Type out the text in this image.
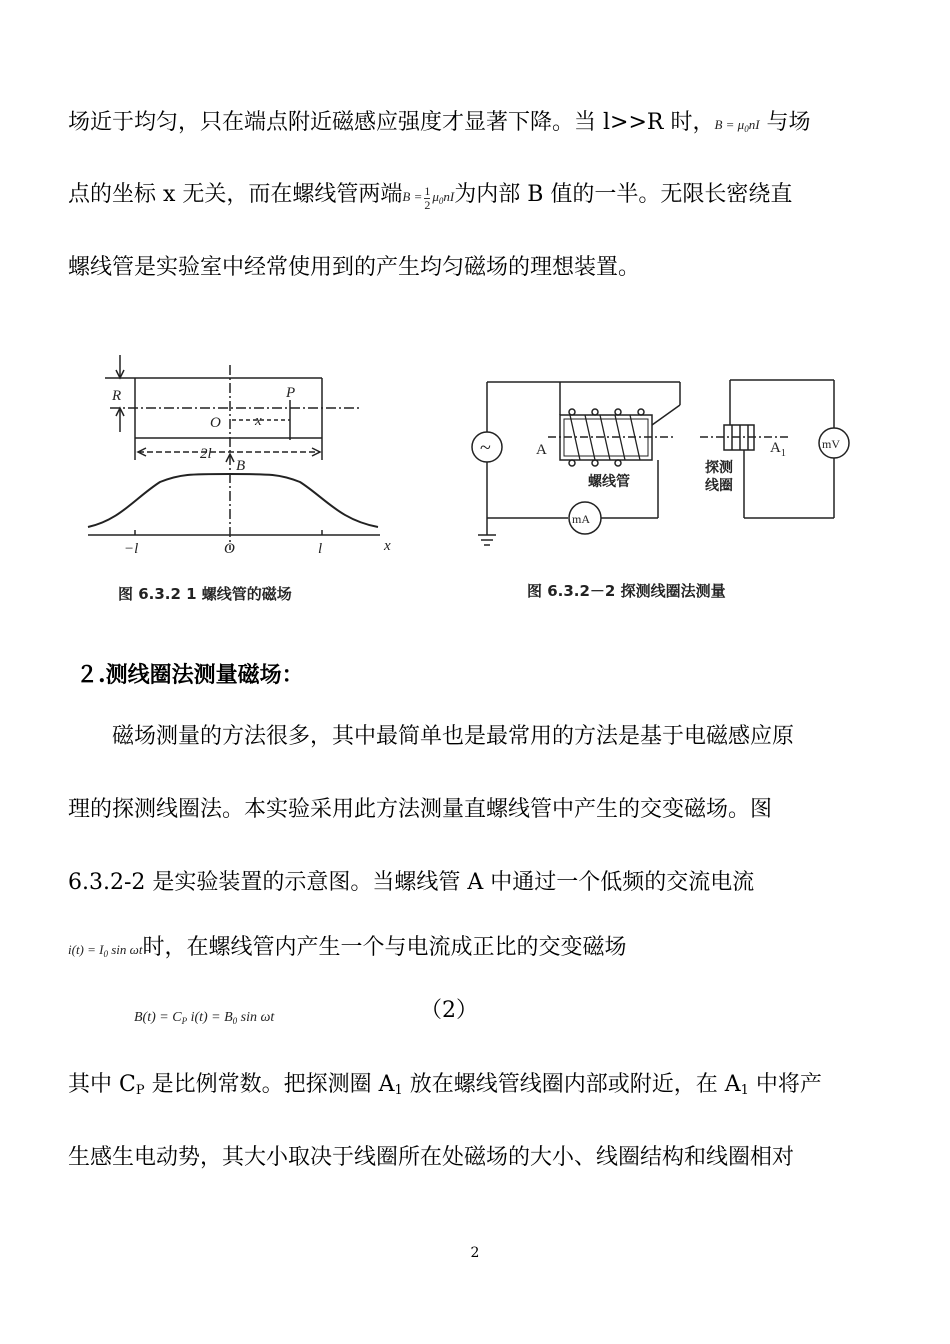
场近于均匀，只在端点附近磁感应强度才显著下降。当 l>>R 时，$B = \mu_0nI$ 与场
点的坐标 x 无关，而在螺线管两端$B = \frac{1}{2} \mu_0nI$为内部 B 值的一半。无限长密绕直
螺线管是实验室中经常使用到的产生均匀磁场的理想装置。
R
O
P
x
2l
B
−l	O	l	x
图 6.3.2 1 螺线管的磁场
~	A
螺线管
mA
探测
线圈
$A_1$
mV
图 6.3.2－2 探测线圈法测量
２.测线圈法测量磁场：
磁场测量的方法很多，其中最简单也是最常用的方法是基于电磁感应原
理的探测线圈法。本实验采用此方法测量直螺线管中产生的交变磁场。图
6.3.2-2 是实验装置的示意图。当螺线管 A 中通过一个低频的交流电流
$i(t) = I_0$ sin ωt时，在螺线管内产生一个与电流成正比的交变磁场
$B(t) = C_P$ $i(t) = B_0$ sin ωt	（2）
其中 $C_P$ 是比例常数。把探测圈 $A_1$ 放在螺线管线圈内部或附近，在 $A_1$ 中将产
生感生电动势，其大小取决于线圈所在处磁场的大小、线圈结构和线圈相对
2
